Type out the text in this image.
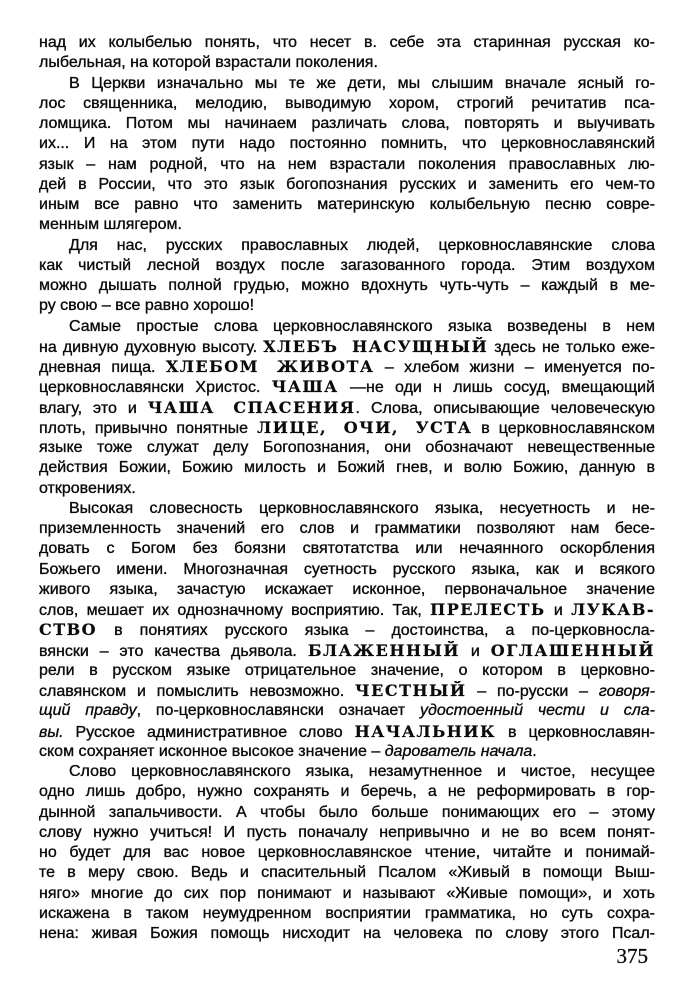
над их колыбелью понять, что несет в. себе эта старинная русская ко-
лыбельная, на которой взрастали поколения.
В Церкви изначально мы те же дети, мы слышим вначале ясный го-
лос священника, мелодию, выводимую хором, строгий речитатив пса-
ломщика. Потом мы начинаем различать слова, повторять и выучивать
их... И на этом пути надо постоянно помнить, что церковнославянский
язык – нам родной, что на нем взрастали поколения православных лю-
дей в России, что это язык богопознания русских и заменить его чем-то
иным все равно что заменить материнскую колыбельную песню совре-
менным шлягером.
Для нас, русских православных людей, церковнославянские слова
как чистый лесной воздух после загазованного города. Этим воздухом
можно дышать полной грудью, можно вдохнуть чуть-чуть – каждый в ме-
ру свою – все равно хорошо!
Самые простые слова церковнославянского языка возведены в нем
на дивную духовную высоту. ХЛЕБЪ НАСУЩНЫЙ здесь не только еже-
дневная пища. ХЛЕБОМ ЖИВОТА – хлебом жизни – именуется по-
церковнославянски Христос. ЧАША —не оди н лишь сосуд, вмещающий
влагу, это и ЧАША СПАСЕНИЯ. Слова, описывающие человеческую
плоть, привычно понятные ЛИЦЕ, ОЧИ, УСТА в церковнославянском
языке тоже служат делу Богопознания, они обозначают невещественные
действия Божии, Божию милость и Божий гнев, и волю Божию, данную в
откровениях.
Высокая словесность церковнославянского языка, несуетность и не-
приземленность значений его слов и грамматики позволяют нам бесе-
довать с Богом без боязни святотатства или нечаянного оскорбления
Божьего имени. Многозначная суетность русского языка, как и всякого
живого языка, зачастую искажает исконное, первоначальное значение
слов, мешает их однозначному восприятию. Так, ПРЕЛЕСТЬ и ЛУКАВ-
СТВО в понятиях русского языка – достоинства, а по-церковносла-
вянски – это качества дьявола. БЛАЖЕННЫЙ и ОГЛАШЕННЫЙ
рели в русском языке отрицательное значение, о котором в церковно-
славянском и помыслить невозможно. ЧЕСТНЫЙ – по-русски – говоря-
щий правду, по-церковнославянски означает удостоенный чести и сла-
вы. Русское административное слово НАЧАЛЬНИК в церковнославян-
ском сохраняет исконное высокое значение – дарователь начала.
Слово церковнославянского языка, незамутненное и чистое, несущее
одно лишь добро, нужно сохранять и беречь, а не реформировать в гор-
дынной запальчивости. А чтобы было больше понимающих его – этому
слову нужно учиться! И пусть поначалу непривычно и не во всем понят-
но будет для вас новое церковнославянское чтение, читайте и понимай-
те в меру свою. Ведь и спасительный Псалом «Живый в помощи Выш-
няго» многие до сих пор понимают и называют «Живые помощи», и хоть
искажена в таком неумудренном восприятии грамматика, но суть сохра-
нена: живая Божия помощь нисходит на человека по слову этого Псал-
375
